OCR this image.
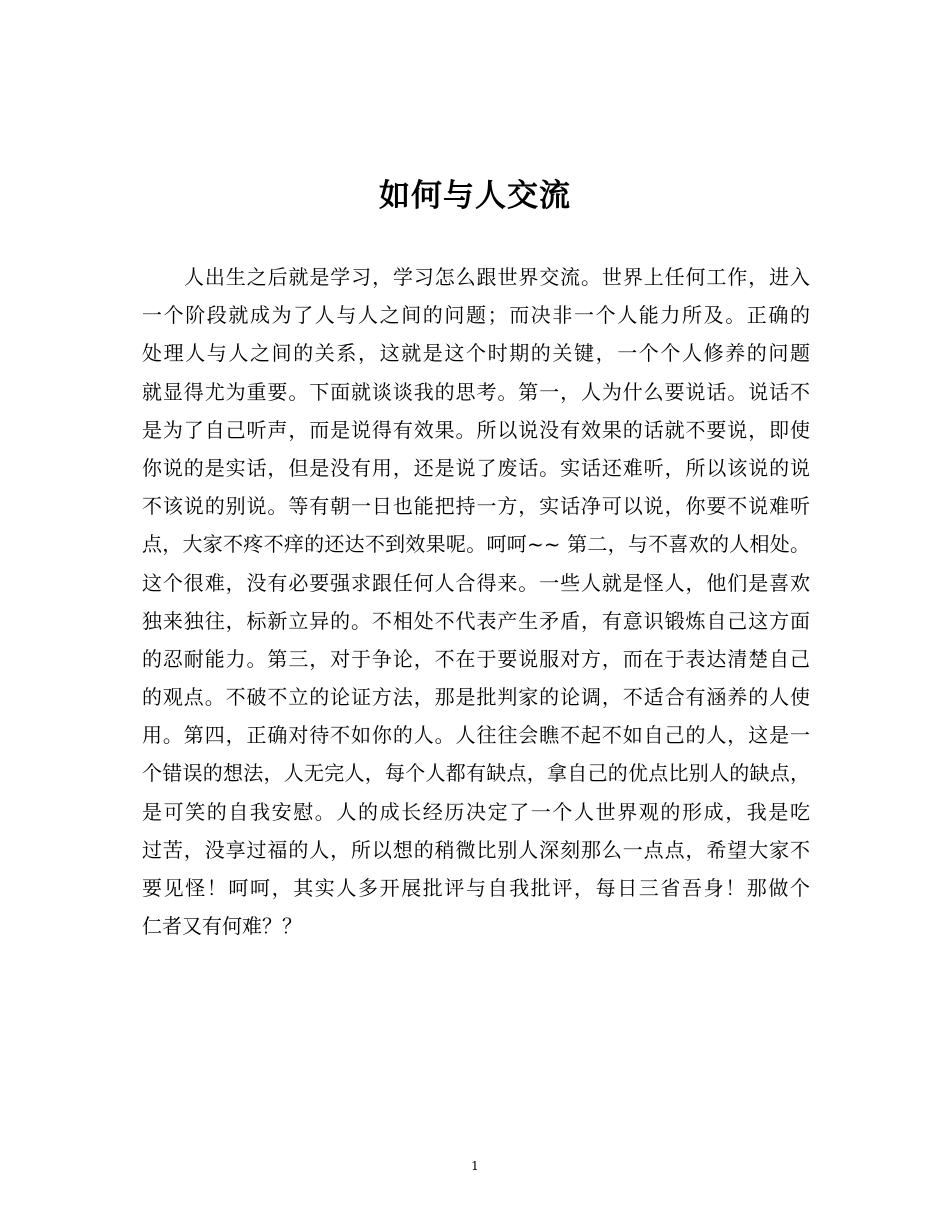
如何与人交流
人出生之后就是学习，学习怎么跟世界交流。世界上任何工作，进入
一个阶段就成为了人与人之间的问题；而决非一个人能力所及。正确的
处理人与人之间的关系，这就是这个时期的关键，一个个人修养的问题
就显得尤为重要。下面就谈谈我的思考。第一，人为什么要说话。说话不
是为了自己听声，而是说得有效果。所以说没有效果的话就不要说，即使
你说的是实话，但是没有用，还是说了废话。实话还难听，所以该说的说
不该说的别说。等有朝一日也能把持一方，实话净可以说，你要不说难听
点，大家不疼不痒的还达不到效果呢。呵呵~~ 第二，与不喜欢的人相处。
这个很难，没有必要强求跟任何人合得来。一些人就是怪人，他们是喜欢
独来独往，标新立异的。不相处不代表产生矛盾，有意识锻炼自己这方面
的忍耐能力。第三，对于争论，不在于要说服对方，而在于表达清楚自己
的观点。不破不立的论证方法，那是批判家的论调，不适合有涵养的人使
用。第四，正确对待不如你的人。人往往会瞧不起不如自己的人，这是一
个错误的想法，人无完人，每个人都有缺点，拿自己的优点比别人的缺点，
是可笑的自我安慰。人的成长经历决定了一个人世界观的形成，我是吃
过苦，没享过福的人，所以想的稍微比别人深刻那么一点点，希望大家不
要见怪！呵呵，其实人多开展批评与自我批评，每日三省吾身！那做个
仁者又有何难？？
1
